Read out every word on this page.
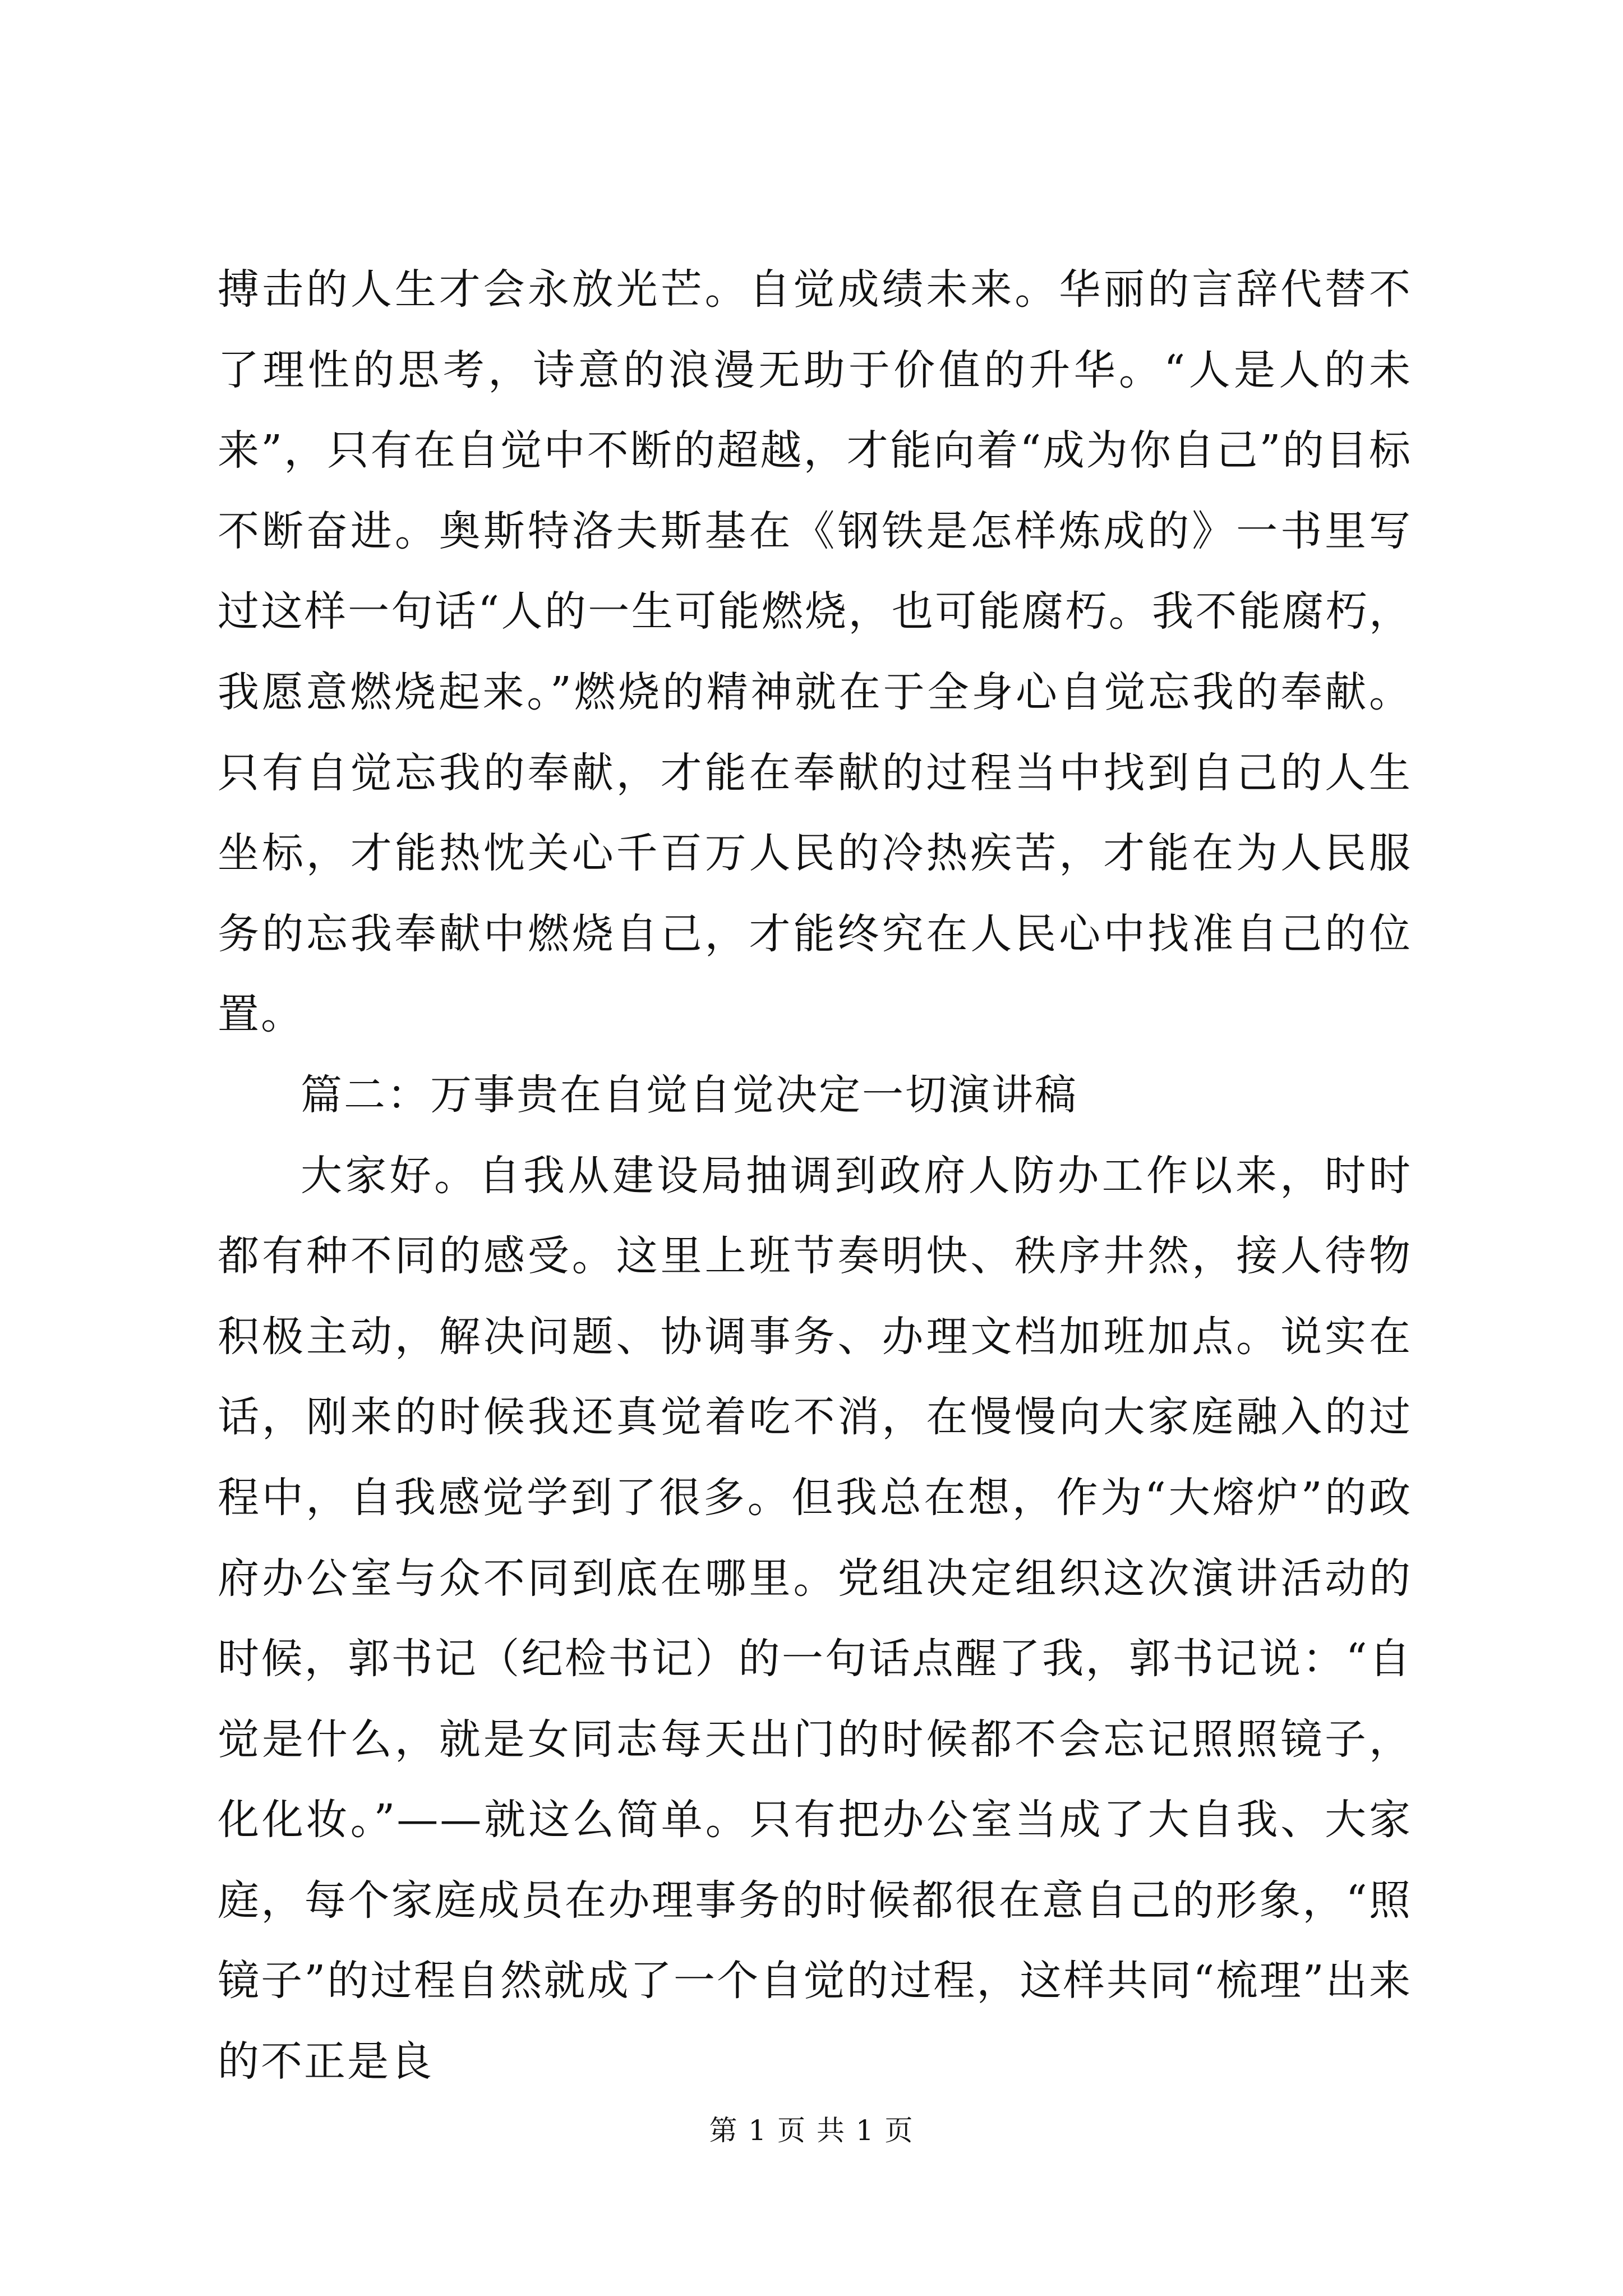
搏击的人生才会永放光芒。自觉成绩未来。华丽的言辞代替不了理性的思考，诗意的浪漫无助于价值的升华。“人是人的未来”，只有在自觉中不断的超越，才能向着“成为你自己”的目标不断奋进。奥斯特洛夫斯基在《钢铁是怎样炼成的》一书里写过这样一句话“人的一生可能燃烧，也可能腐朽。我不能腐朽，我愿意燃烧起来。”燃烧的精神就在于全身心自觉忘我的奉献。只有自觉忘我的奉献，才能在奉献的过程当中找到自己的人生坐标，才能热忱关心千百万人民的冷热疾苦，才能在为人民服务的忘我奉献中燃烧自己，才能终究在人民心中找准自己的位置。

篇二：万事贵在自觉自觉决定一切演讲稿

大家好。自我从建设局抽调到政府人防办工作以来，时时都有种不同的感受。这里上班节奏明快、秩序井然，接人待物积极主动，解决问题、协调事务、办理文档加班加点。说实在话，刚来的时候我还真觉着吃不消，在慢慢向大家庭融入的过程中，自我感觉学到了很多。但我总在想，作为“大熔炉”的政府办公室与众不同到底在哪里。党组决定组织这次演讲活动的时候，郭书记（纪检书记）的一句话点醒了我，郭书记说：“自觉是什么，就是女同志每天出门的时候都不会忘记照照镜子，化化妆。”——就这么简单。只有把办公室当成了大自我、大家庭，每个家庭成员在办理事务的时候都很在意自己的形象，“照镜子”的过程自然就成了一个自觉的过程，这样共同“梳理”出来的不正是良

第 1 页 共 1 页
